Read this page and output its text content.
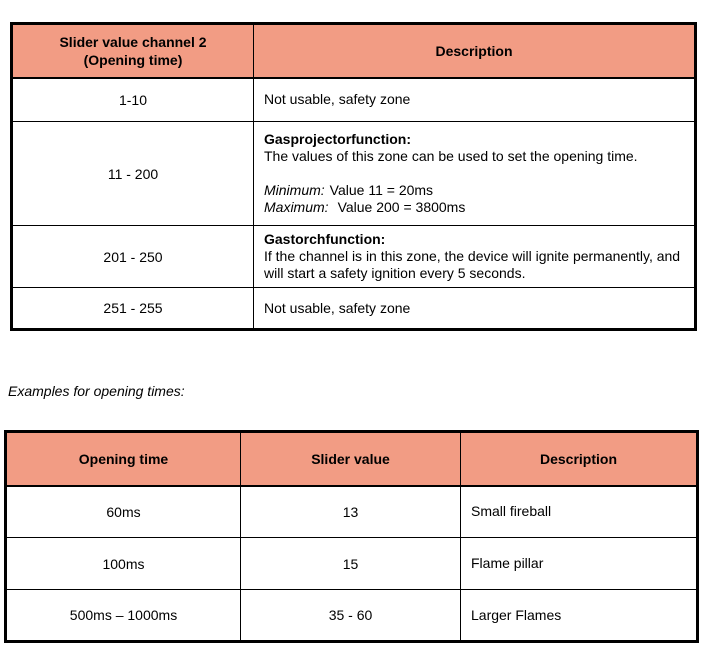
Slider value channel 2
(Opening time)	Description
1-10	Not usable, safety zone
11 - 200	Gasprojectorfunction:
The values of this zone can be used to set the opening time.
Minimum: Value 11 = 20ms
Maximum: Value 200 = 3800ms

201 - 250	Gastorchfunction:
If the channel is in this zone, the device will ignite permanently, and will start a safety ignition every 5 seconds.

251 - 255	Not usable, safety zone
Examples for opening times:
Opening time	Slider value	Description
60ms	13	Small fireball
100ms	15	Flame pillar
500ms – 1000ms	35 - 60	Larger Flames
